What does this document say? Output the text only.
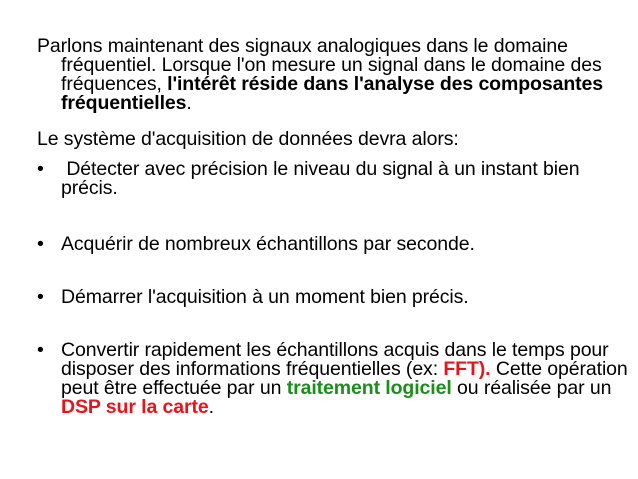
Parlons maintenant des signaux analogiques dans le domaine fréquentiel. Lorsque l'on mesure un signal dans le domaine des fréquences, l'intérêt réside dans l'analyse des composantes fréquentielles.
Le système d'acquisition de données devra alors:
• Détecter avec précision le niveau du signal à un instant bien précis.
• Acquérir de nombreux échantillons par seconde.
• Démarrer l'acquisition à un moment bien précis.
• Convertir rapidement les échantillons acquis dans le temps pour disposer des informations fréquentielles (ex: FFT). Cette opération peut être effectuée par un traitement logiciel ou réalisée par un DSP sur la carte.
